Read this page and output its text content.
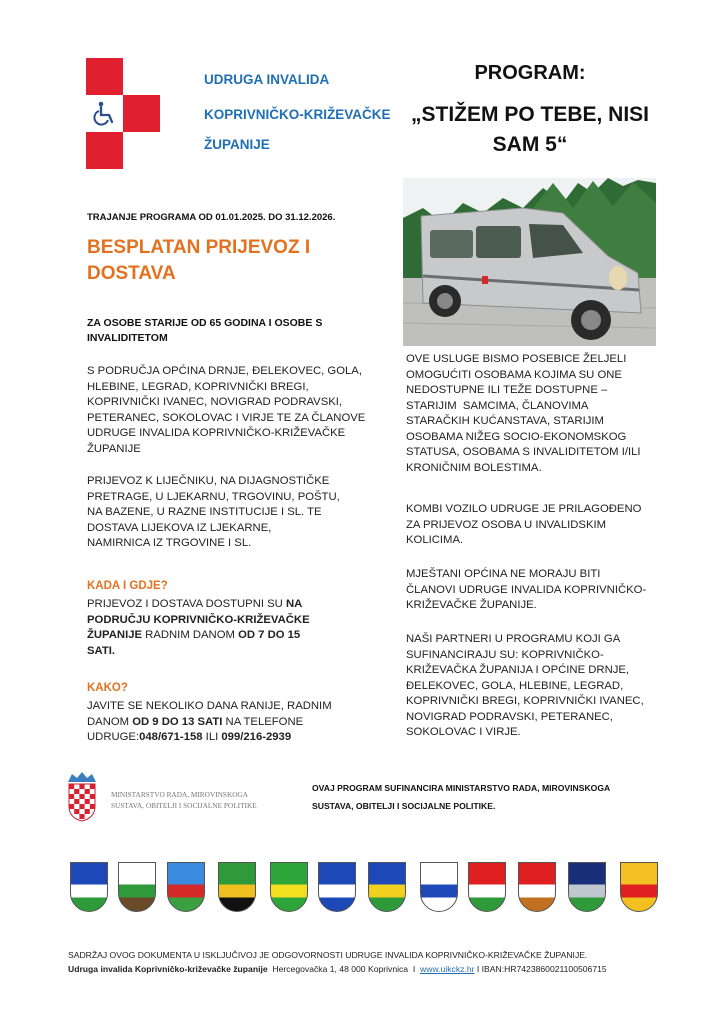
UDRUGA INVALIDA
KOPRIVNIČKO-KRIŽEVAČKE
ŽUPANIJE
PROGRAM:
„STIŽEM PO TEBE, NISI
SAM 5“
TRAJANJE PROGRAMA OD 01.01.2025. DO 31.12.2026.
BESPLATAN PRIJEVOZ I
DOSTAVA
ZA OSOBE STARIJE OD 65 GODINA I OSOBE S
INVALIDITETOM
S PODRUČJA OPĆINA DRNJE, ĐELEKOVEC, GOLA,
HLEBINE, LEGRAD, KOPRIVNIČKI BREGI,
KOPRIVNIČKI IVANEC, NOVIGRAD PODRAVSKI,
PETERANEC, SOKOLOVAC I VIRJE TE ZA ČLANOVE
UDRUGE INVALIDA KOPRIVNIČKO-KRIŽEVAČKE
ŽUPANIJE
PRIJEVOZ K LIJEČNIKU, NA DIJAGNOSTIČKE
PRETRAGE, U LJEKARNU, TRGOVINU, POŠTU,
NA BAZENE, U RAZNE INSTITUCIJE I SL. TE
DOSTAVA LIJEKOVA IZ LJEKARNE,
NAMIRNICA IZ TRGOVINE I SL.
KADA I GDJE?
PRIJEVOZ I DOSTAVA DOSTUPNI SU NA
PODRUČJU KOPRIVNIČKO-KRIŽEVAČKE
ŽUPANIJE RADNIM DANOM OD 7 DO 15
SATI.
KAKO?
JAVITE SE NEKOLIKO DANA RANIJE, RADNIM
DANOM OD 9 DO 13 SATI NA TELEFONE
UDRUGE:048/671-158 ILI 099/216-2939
OVE USLUGE BISMO POSEBICE ŽELJELI
OMOGUĆITI OSOBAMA KOJIMA SU ONE
NEDOSTUPNE ILI TEŽE DOSTUPNE –
STARIJIM  SAMCIMA, ČLANOVIMA
STARAČKIH KUĆANSTAVA, STARIJIM
OSOBAMA NIŽEG SOCIO-EKONOMSKOG
STATUSA, OSOBAMA S INVALIDITETOM I/ILI
KRONIČNIM BOLESTIMA.
KOMBI VOZILO UDRUGE JE PRILAGOĐENO
ZA PRIJEVOZ OSOBA U INVALIDSKIM
KOLICIMA.
MJEŠTANI OPĆINA NE MORAJU BITI
ČLANOVI UDRUGE INVALIDA KOPRIVNIČKO-
KRIŽEVAČKE ŽUPANIJE.
NAŠI PARTNERI U PROGRAMU KOJI GA
SUFINANCIRAJU SU: KOPRIVNIČKO-
KRIŽEVAČKA ŽUPANIJA I OPĆINE DRNJE,
ĐELEKOVEC, GOLA, HLEBINE, LEGRAD,
KOPRIVNIČKI BREGI, KOPRIVNIČKI IVANEC,
NOVIGRAD PODRAVSKI, PETERANEC,
SOKOLOVAC I VIRJE.
MINISTARSTVO RADA, MIROVINSKOGA
SUSTAVA, OBITELJI I SOCIJALNE POLITIKE
OVAJ PROGRAM SUFINANCIRA MINISTARSTVO RADA, MIROVINSKOGA
SUSTAVA, OBITELJI I SOCIJALNE POLITIKE.
SADRŽAJ OVOG DOKUMENTA U ISKLJUČIVOJ JE ODGOVORNOSTI UDRUGE INVALIDA KOPRIVNIČKO-KRIŽEVAČKE ŽUPANIJE.
Udruga invalida Koprivničko-križevačke županije  Hercegovačka 1, 48 000 Koprivnica  I  www.uikckz.hr I IBAN:HR7423860021100506715
